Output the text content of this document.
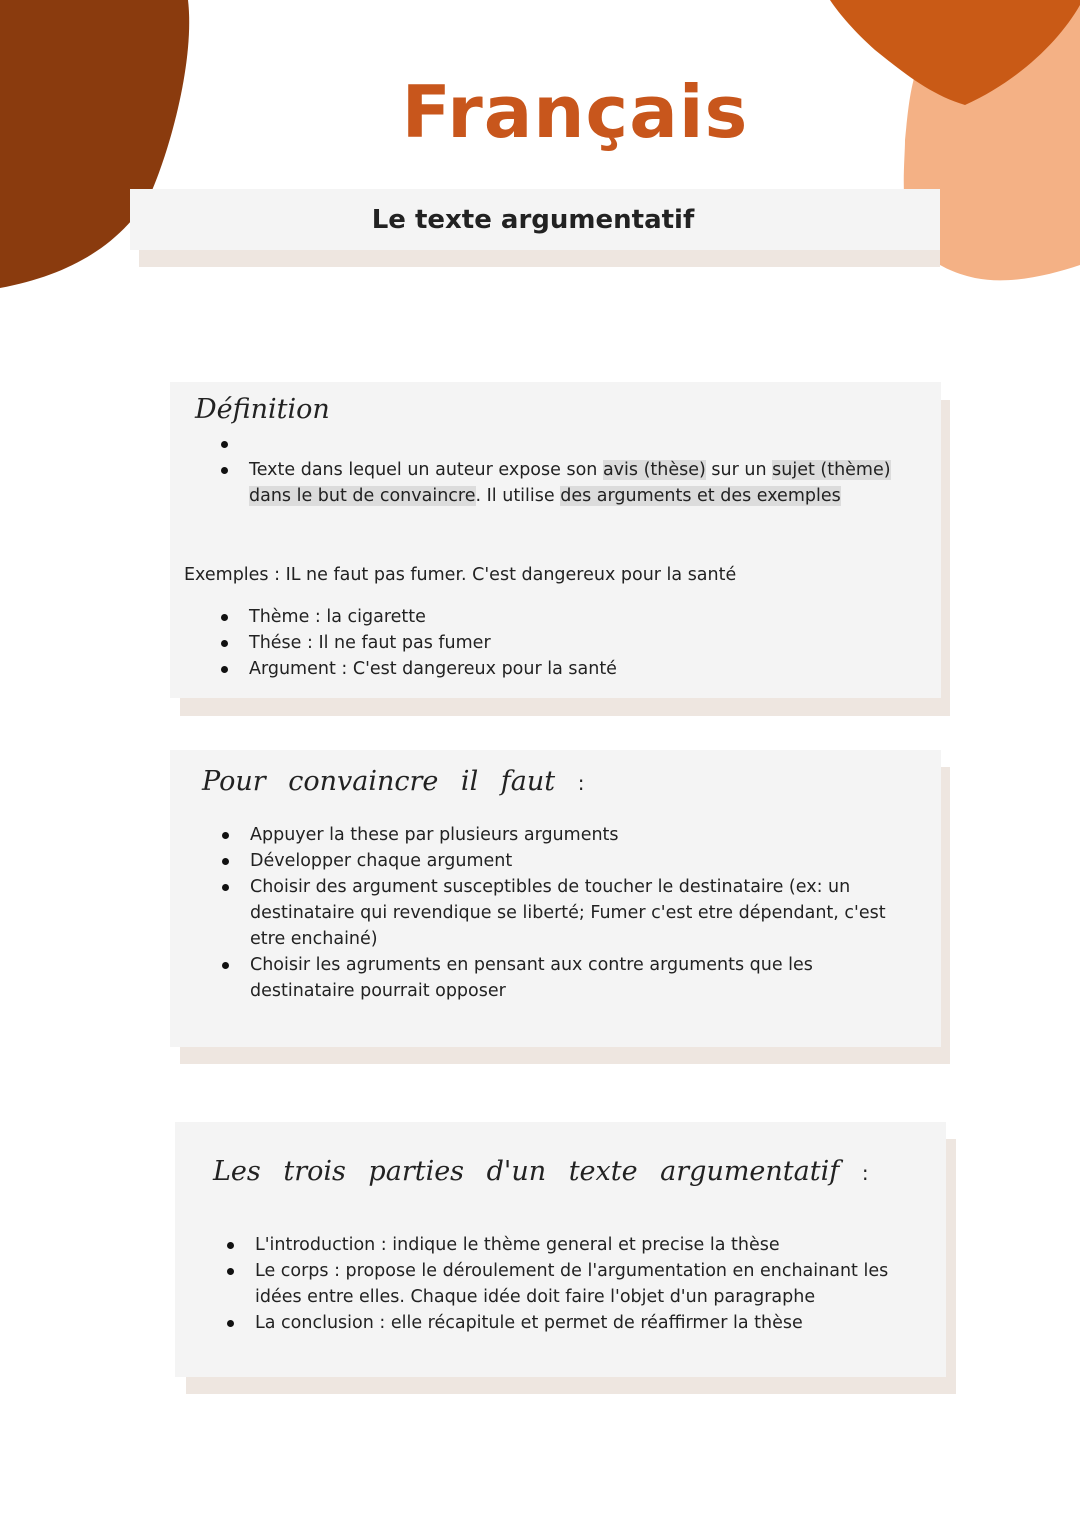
Français
Le texte argumentatif
Définition

Texte dans lequel un auteur expose son avis (thèse) sur un sujet (thème) dans le but de convaincre. Il utilise des arguments et des exemples
Exemples : IL ne faut pas fumer. C'est dangereux pour la santé
Thème : la cigarette
Thése : Il ne faut pas fumer
Argument : C'est dangereux pour la santé
Pour convaincre il faut :
Appuyer la these par plusieurs arguments
Développer chaque argument
Choisir des argument susceptibles de toucher le destinataire (ex: un destinataire qui revendique se liberté; Fumer c'est etre dépendant, c'est etre enchainé)
Choisir les agruments en pensant aux contre arguments que les destinataire pourrait opposer
Les trois parties d'un texte argumentatif :
L'introduction : indique le thème general et precise la thèse
Le corps : propose le déroulement de l'argumentation en enchainant les idées entre elles. Chaque idée doit faire l'objet d'un paragraphe
La conclusion : elle récapitule et permet de réaffirmer la thèse
